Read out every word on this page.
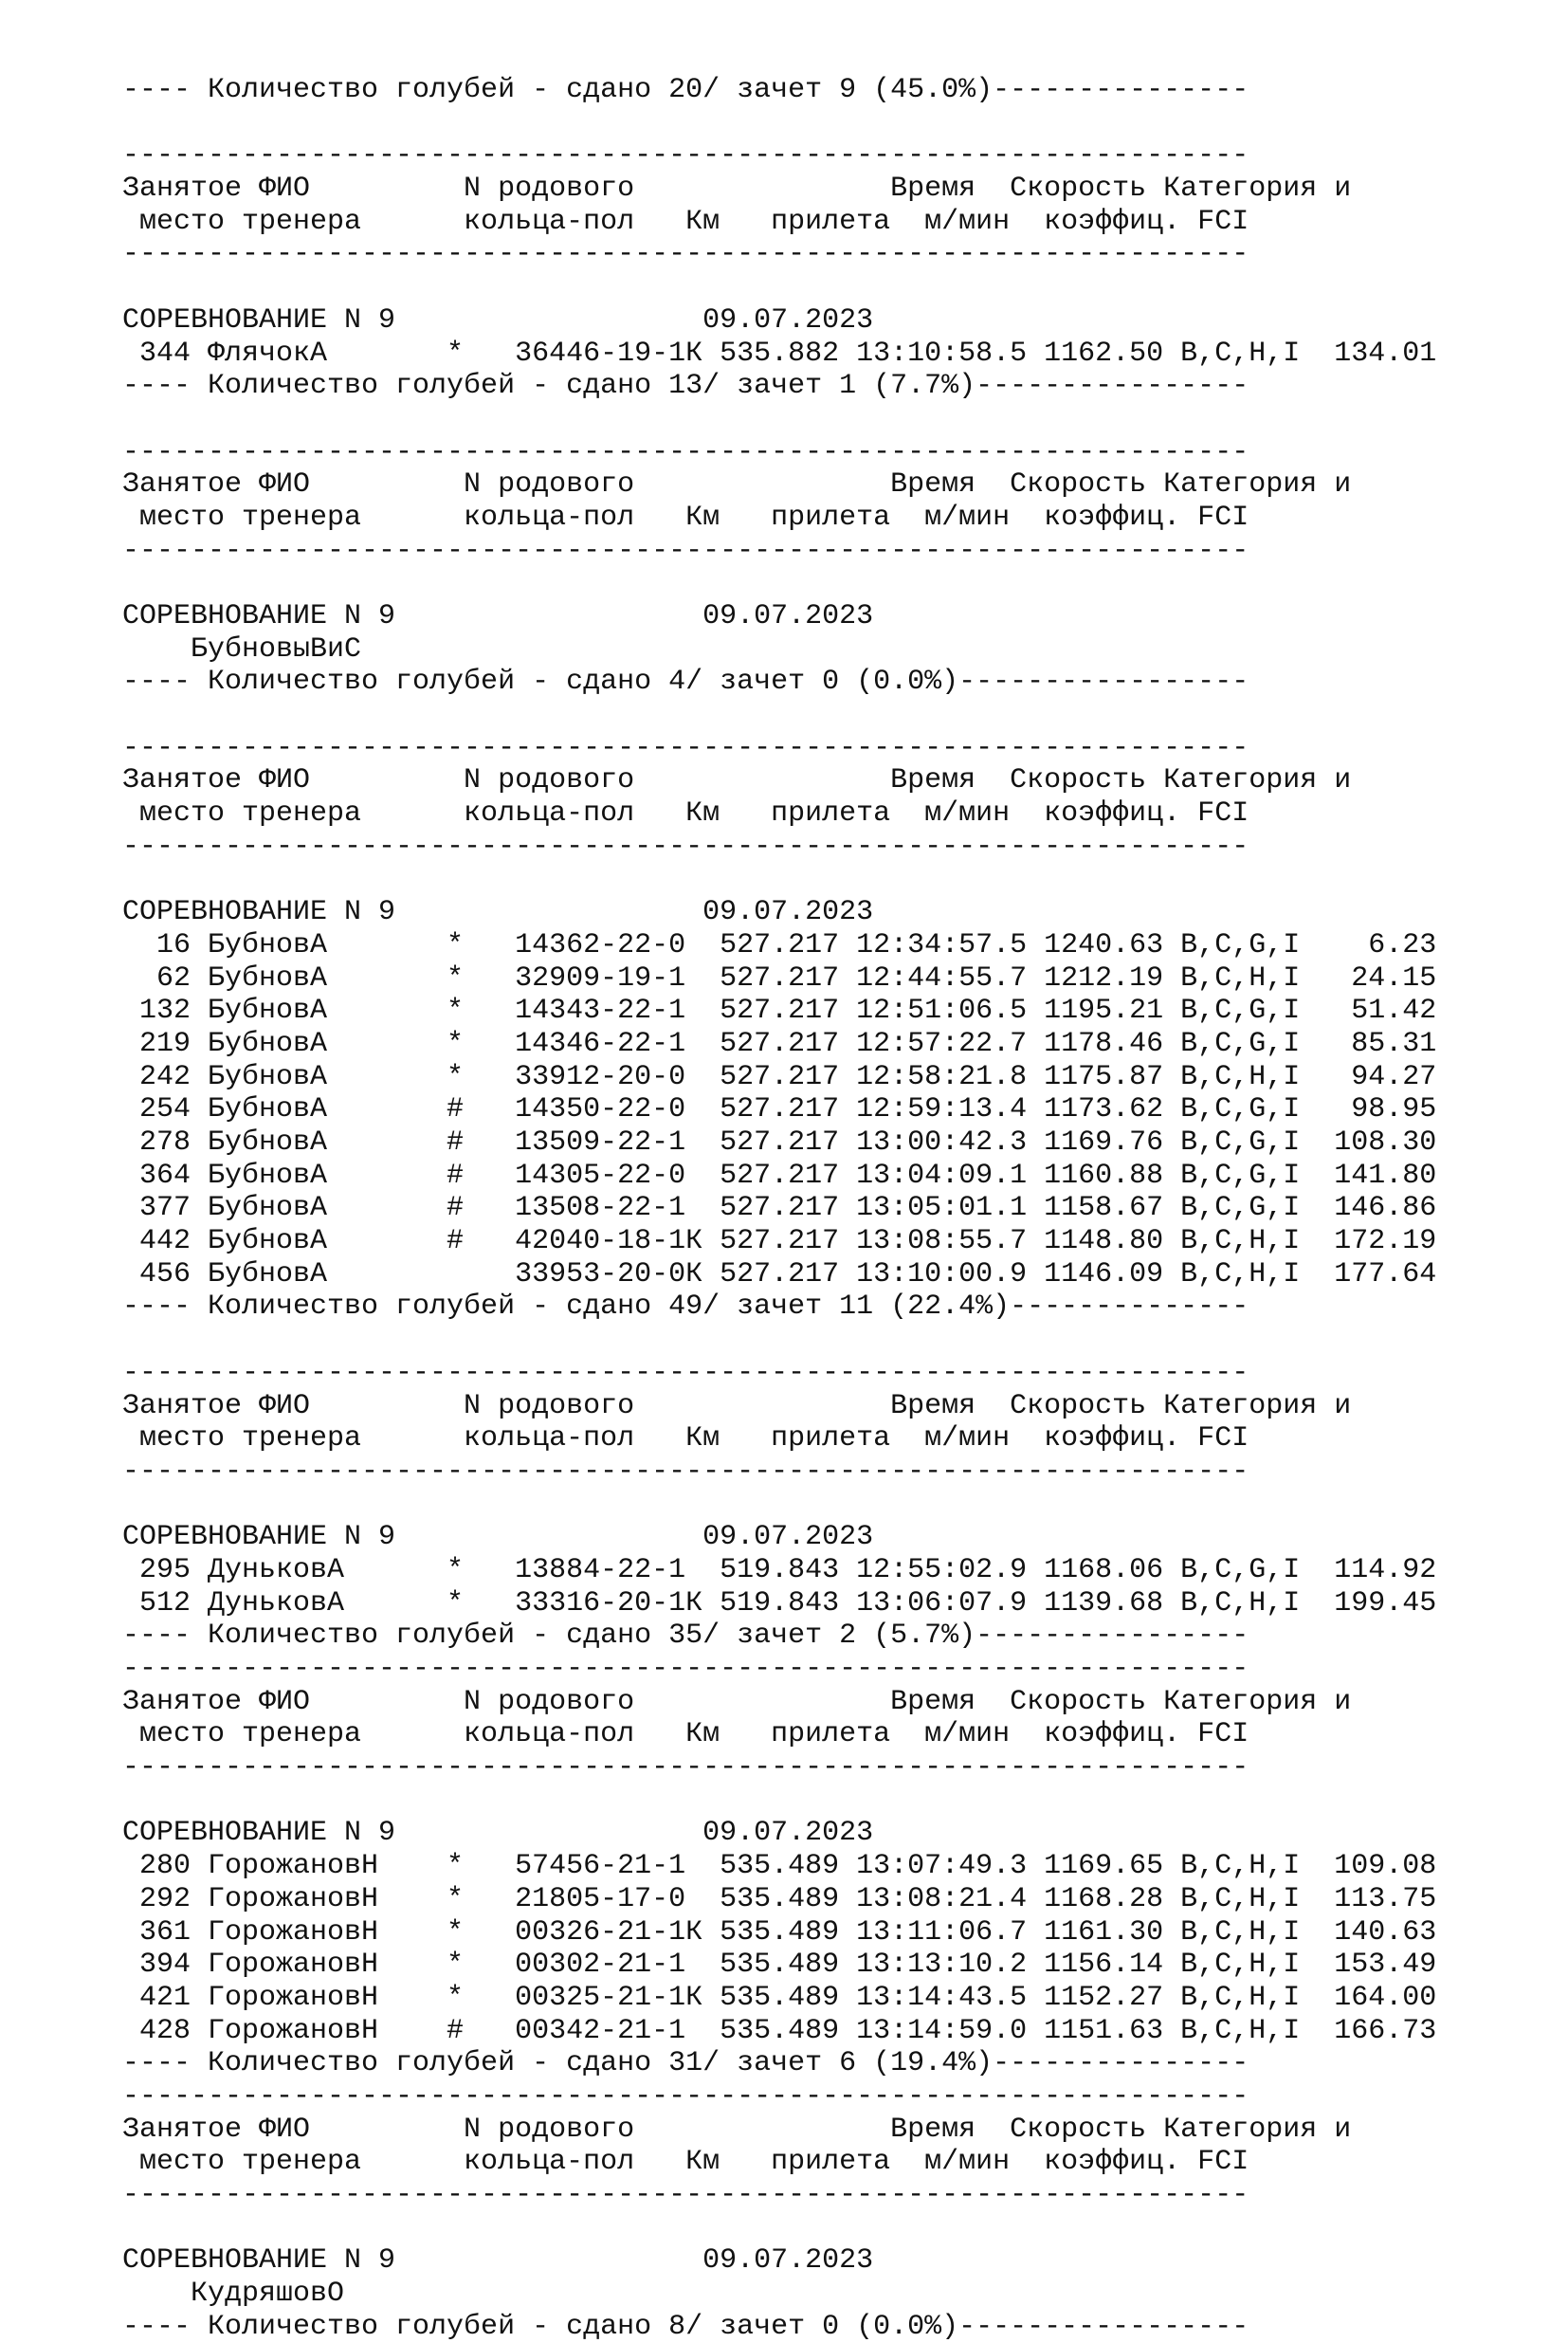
---- Количество голубей - сдано 20/ зачет 9 (45.0%)---------------
------------------------------------------------------------------
Занятое ФИО         N родового               Время  Скорость Категория и
место тренера      кольца-пол   Км   прилета  м/мин  коэффиц. FCI
------------------------------------------------------------------
СОРЕВНОВАНИЕ N 9                  09.07.2023
344 ФлячокА       *   36446-19-1К 535.882 13:10:58.5 1162.50 B,C,H,I  134.01
---- Количество голубей - сдано 13/ зачет 1 (7.7%)----------------
------------------------------------------------------------------
Занятое ФИО         N родового               Время  Скорость Категория и
место тренера      кольца-пол   Км   прилета  м/мин  коэффиц. FCI
------------------------------------------------------------------
СОРЕВНОВАНИЕ N 9                  09.07.2023
БубновыВиС
---- Количество голубей - сдано 4/ зачет 0 (0.0%)-----------------
------------------------------------------------------------------
Занятое ФИО         N родового               Время  Скорость Категория и
место тренера      кольца-пол   Км   прилета  м/мин  коэффиц. FCI
------------------------------------------------------------------
СОРЕВНОВАНИЕ N 9                  09.07.2023
16 БубновА       *   14362-22-0  527.217 12:34:57.5 1240.63 B,C,G,I    6.23
62 БубновА       *   32909-19-1  527.217 12:44:55.7 1212.19 B,C,H,I   24.15
132 БубновА       *   14343-22-1  527.217 12:51:06.5 1195.21 B,C,G,I   51.42
219 БубновА       *   14346-22-1  527.217 12:57:22.7 1178.46 B,C,G,I   85.31
242 БубновА       *   33912-20-0  527.217 12:58:21.8 1175.87 B,C,H,I   94.27
254 БубновА       #   14350-22-0  527.217 12:59:13.4 1173.62 B,C,G,I   98.95
278 БубновА       #   13509-22-1  527.217 13:00:42.3 1169.76 B,C,G,I  108.30
364 БубновА       #   14305-22-0  527.217 13:04:09.1 1160.88 B,C,G,I  141.80
377 БубновА       #   13508-22-1  527.217 13:05:01.1 1158.67 B,C,G,I  146.86
442 БубновА       #   42040-18-1К 527.217 13:08:55.7 1148.80 B,C,H,I  172.19
456 БубновА           33953-20-0К 527.217 13:10:00.9 1146.09 B,C,H,I  177.64
---- Количество голубей - сдано 49/ зачет 11 (22.4%)--------------
------------------------------------------------------------------
Занятое ФИО         N родового               Время  Скорость Категория и
место тренера      кольца-пол   Км   прилета  м/мин  коэффиц. FCI
------------------------------------------------------------------
СОРЕВНОВАНИЕ N 9                  09.07.2023
295 ДуньковА      *   13884-22-1  519.843 12:55:02.9 1168.06 B,C,G,I  114.92
512 ДуньковА      *   33316-20-1К 519.843 13:06:07.9 1139.68 B,C,H,I  199.45
---- Количество голубей - сдано 35/ зачет 2 (5.7%)----------------
------------------------------------------------------------------
Занятое ФИО         N родового               Время  Скорость Категория и
место тренера      кольца-пол   Км   прилета  м/мин  коэффиц. FCI
------------------------------------------------------------------
СОРЕВНОВАНИЕ N 9                  09.07.2023
280 ГорожановН    *   57456-21-1  535.489 13:07:49.3 1169.65 B,C,H,I  109.08
292 ГорожановН    *   21805-17-0  535.489 13:08:21.4 1168.28 B,C,H,I  113.75
361 ГорожановН    *   00326-21-1К 535.489 13:11:06.7 1161.30 B,C,H,I  140.63
394 ГорожановН    *   00302-21-1  535.489 13:13:10.2 1156.14 B,C,H,I  153.49
421 ГорожановН    *   00325-21-1К 535.489 13:14:43.5 1152.27 B,C,H,I  164.00
428 ГорожановН    #   00342-21-1  535.489 13:14:59.0 1151.63 B,C,H,I  166.73
---- Количество голубей - сдано 31/ зачет 6 (19.4%)---------------
------------------------------------------------------------------
Занятое ФИО         N родового               Время  Скорость Категория и
место тренера      кольца-пол   Км   прилета  м/мин  коэффиц. FCI
------------------------------------------------------------------
СОРЕВНОВАНИЕ N 9                  09.07.2023
КудряшовО
---- Количество голубей - сдано 8/ зачет 0 (0.0%)-----------------
